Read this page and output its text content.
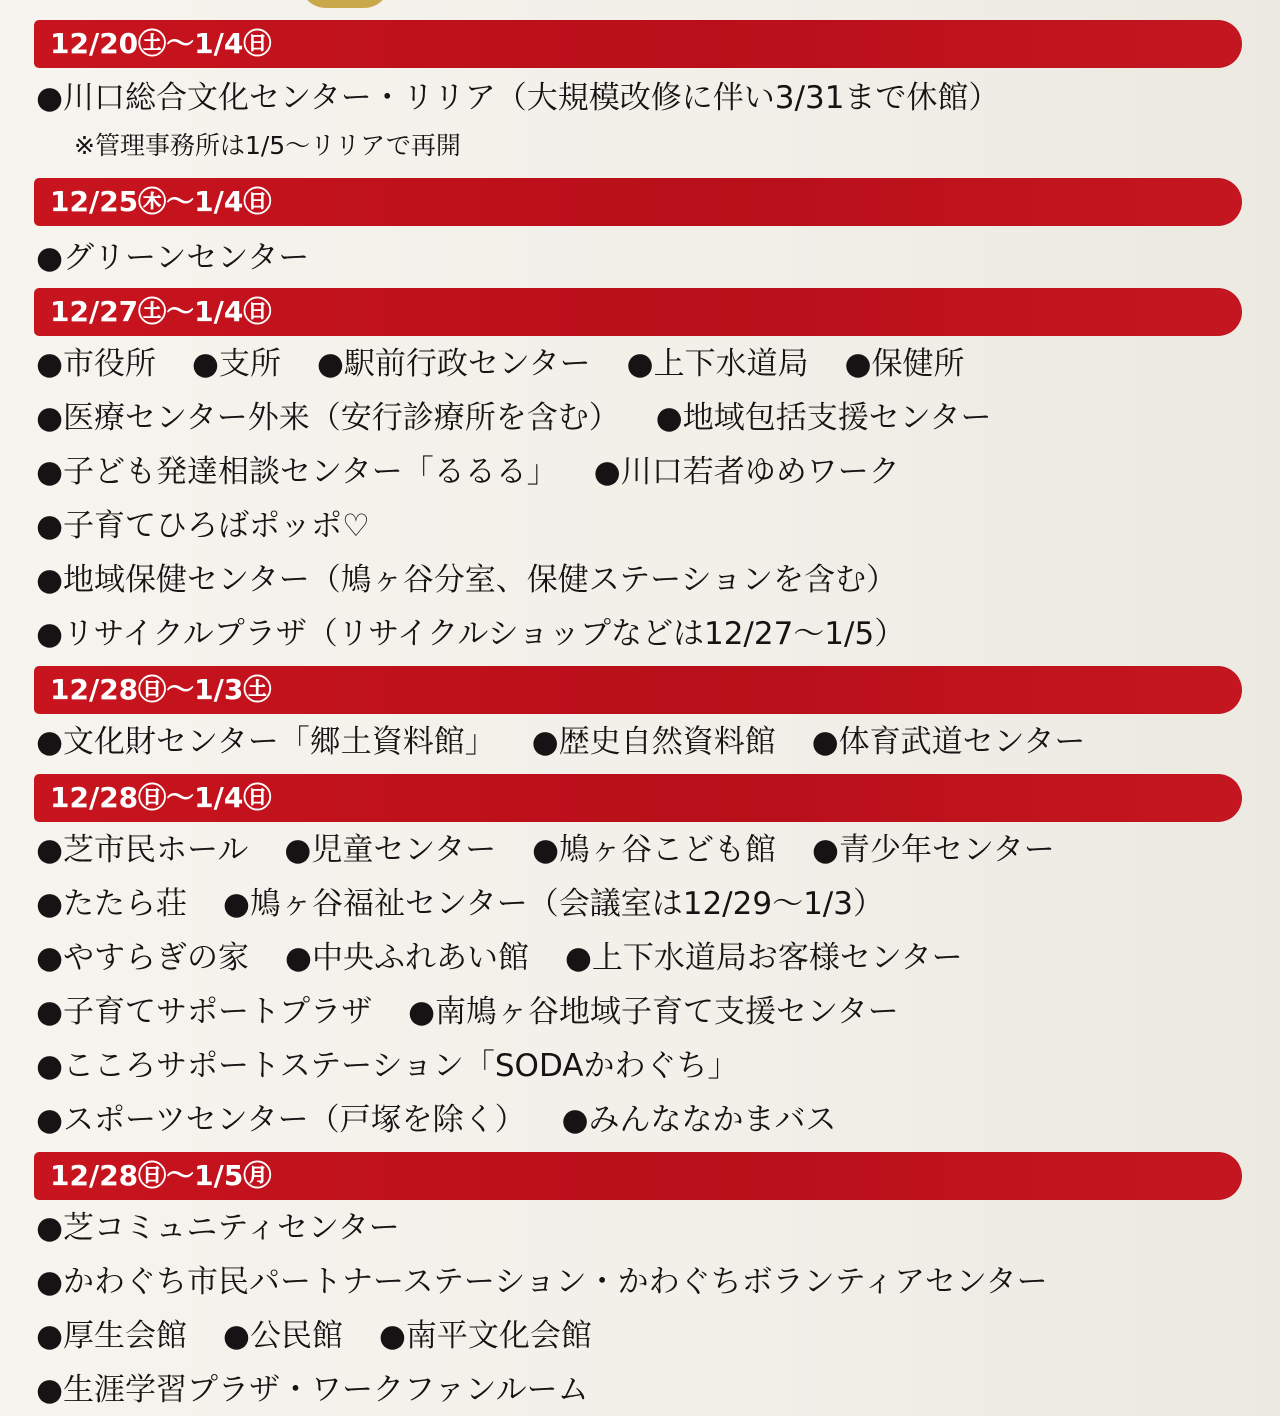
12/20㊏〜1/4㊐
●川口総合文化センター・リリア（大規模改修に伴い3/31まで休館）
※管理事務所は1/5〜リリアで再開
12/25㊍〜1/4㊐
●グリーンセンター
12/27㊏〜1/4㊐
●市役所 ●支所 ●駅前行政センター ●上下水道局 ●保健所
●医療センター外来（安行診療所を含む） ●地域包括支援センター
●子ども発達相談センター「るるる」 ●川口若者ゆめワーク
●子育てひろばポッポ♡
●地域保健センター（鳩ヶ谷分室、保健ステーションを含む）
●リサイクルプラザ（リサイクルショップなどは12/27〜1/5）
12/28㊐〜1/3㊏
●文化財センター「郷土資料館」 ●歴史自然資料館 ●体育武道センター
12/28㊐〜1/4㊐
●芝市民ホール ●児童センター ●鳩ヶ谷こども館 ●青少年センター
●たたら荘 ●鳩ヶ谷福祉センター（会議室は12/29〜1/3）
●やすらぎの家 ●中央ふれあい館 ●上下水道局お客様センター
●子育てサポートプラザ ●南鳩ヶ谷地域子育て支援センター
●こころサポートステーション「SODAかわぐち」
●スポーツセンター（戸塚を除く） ●みんななかまバス
12/28㊐〜1/5㊊
●芝コミュニティセンター
●かわぐち市民パートナーステーション・かわぐちボランティアセンター
●厚生会館 ●公民館 ●南平文化会館
●生涯学習プラザ・ワークファンルーム
